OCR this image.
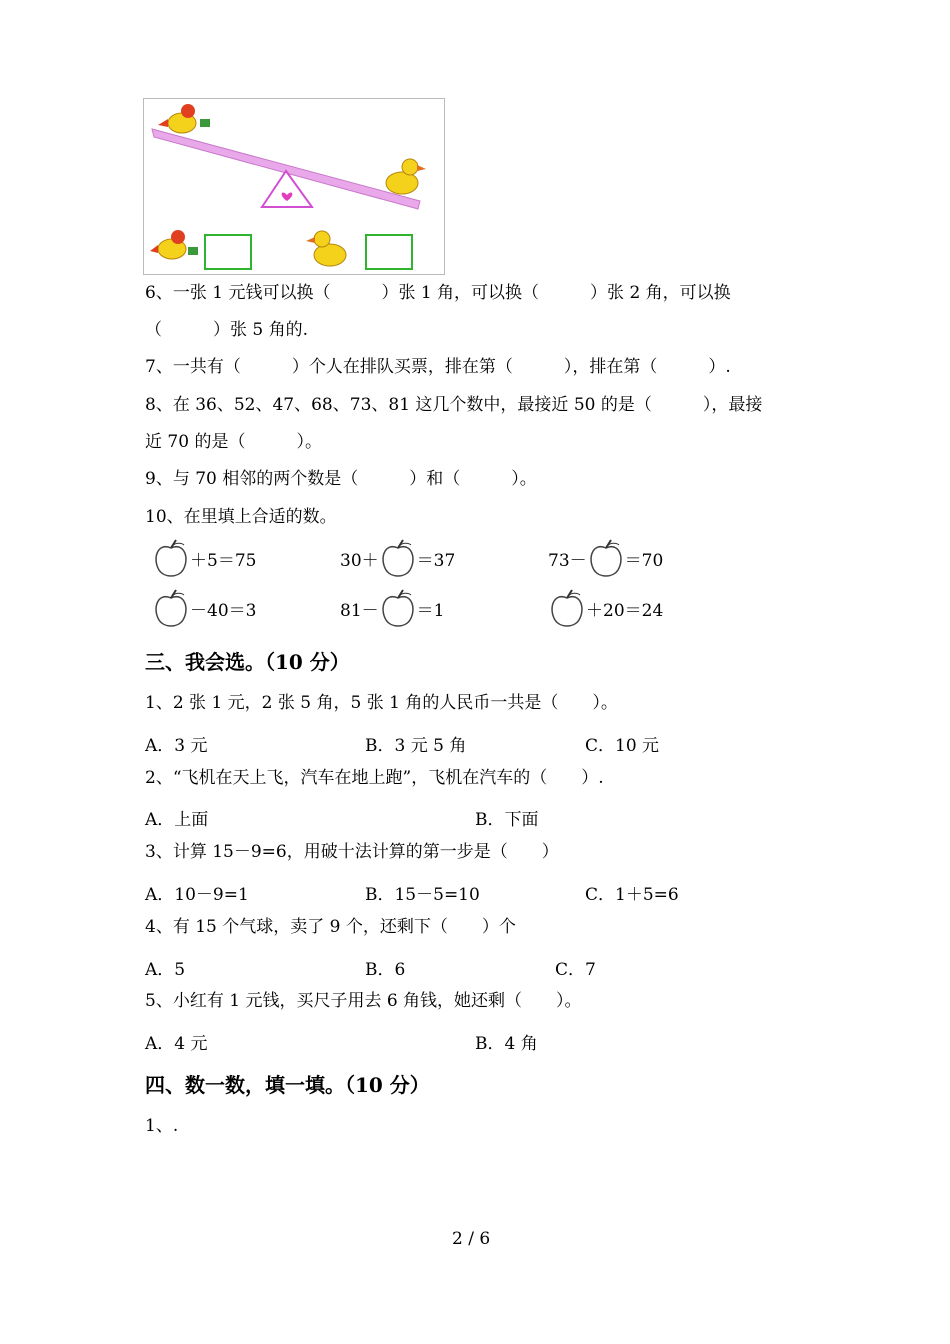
6、一张 1 元钱可以换（　　　）张 1 角，可以换（　　　）张 2 角，可以换
（　　　）张 5 角的.
7、一共有（　　　）个人在排队买票，排在第（　　　），排在第（　　　）.
8、在 36、52、47、68、73、81 这几个数中，最接近 50 的是（　　　），最接
近 70 的是（　　　）。
9、与 70 相邻的两个数是（　　　）和（　　　）。
10、在里填上合适的数。
＋5＝75	30＋ ＝37	73－ ＝70
－40＝3	81－ ＝1	＋20＝24
三、我会选。（10 分）
1、2 张 1 元，2 张 5 角，5 张 1 角的人民币一共是（　　）。
A．3 元	B．3 元 5 角	C．10 元
2、“飞机在天上飞，汽车在地上跑”，飞机在汽车的（　　）.
A．上面	B．下面
3、计算 15－9=6，用破十法计算的第一步是（　　）
A．10－9=1	B．15－5=10	C．1＋5=6
4、有 15 个气球，卖了 9 个，还剩下（　　）个
A．5	B．6	C．7
5、小红有 1 元钱，买尺子用去 6 角钱，她还剩（　　）。
A．4 元	B．4 角
四、数一数，填一填。（10 分）
1、.
2 / 6
